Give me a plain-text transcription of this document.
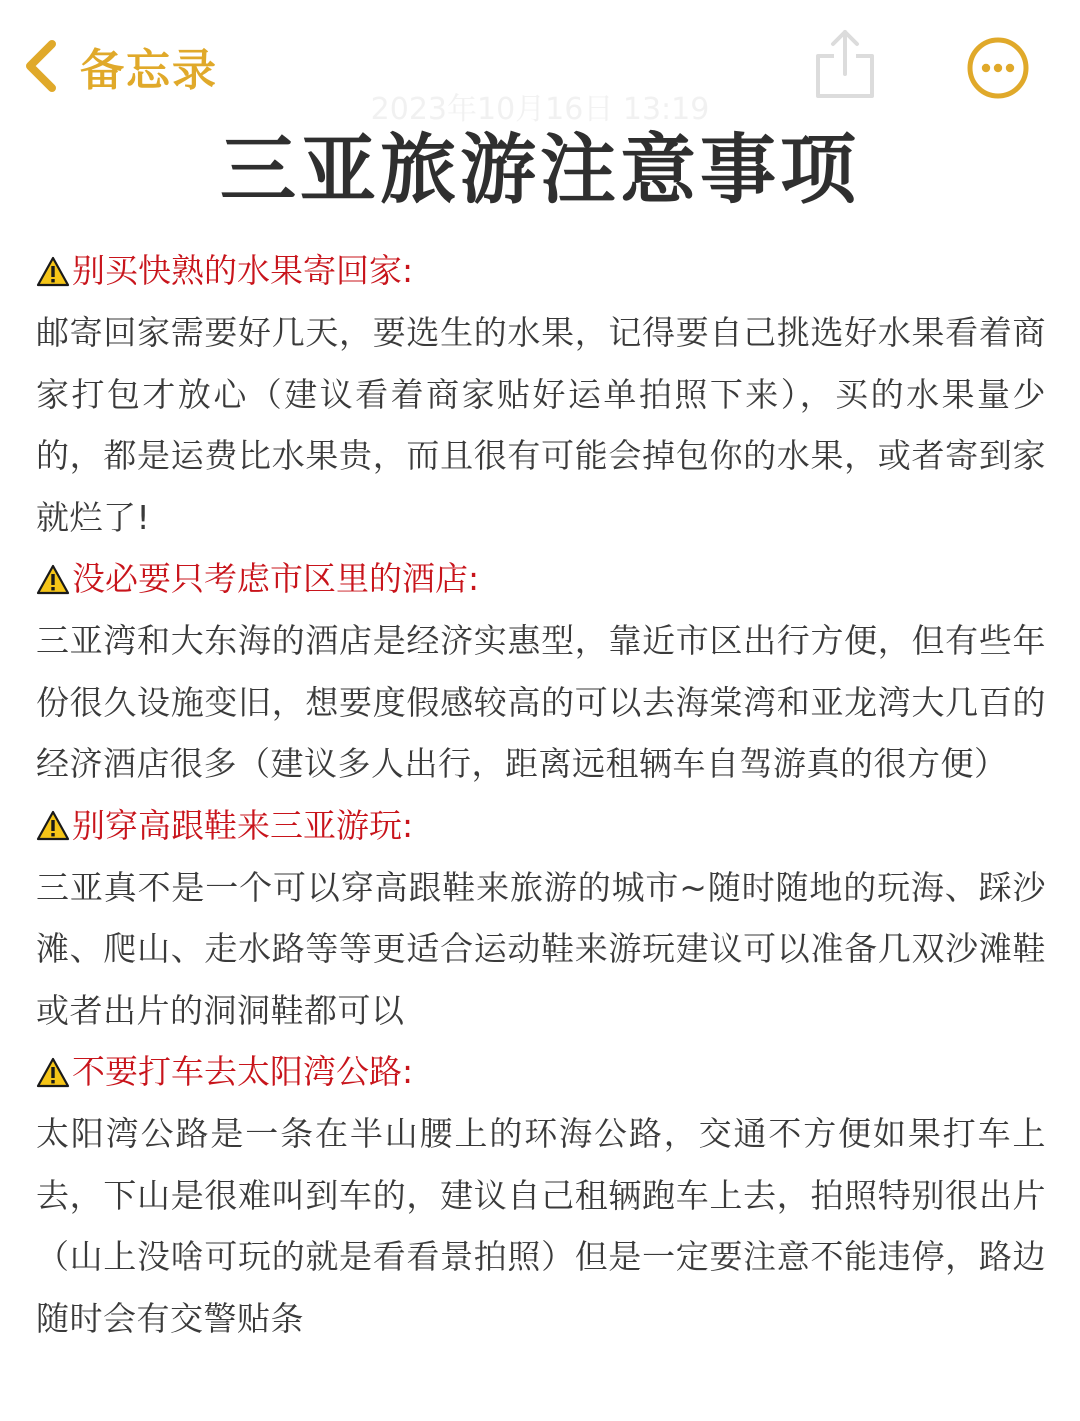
备忘录
2023年10月16日 13:19
三亚旅游注意事项
别买快熟的水果寄回家:
邮寄回家需要好几天，要选生的水果，记得要自己挑选好水果看着商家打包才放心（建议看着商家贴好运单拍照下来），买的水果量少的，都是运费比水果贵，而且很有可能会掉包你的水果，或者寄到家就烂了!
没必要只考虑市区里的酒店:
三亚湾和大东海的酒店是经济实惠型，靠近市区出行方便，但有些年份很久设施变旧，想要度假感较高的可以去海棠湾和亚龙湾大几百的经济酒店很多（建议多人出行，距离远租辆车自驾游真的很方便）
别穿高跟鞋来三亚游玩:
三亚真不是一个可以穿高跟鞋来旅游的城市~随时随地的玩海、踩沙滩、爬山、走水路等等更适合运动鞋来游玩建议可以准备几双沙滩鞋或者出片的洞洞鞋都可以
不要打车去太阳湾公路:
太阳湾公路是一条在半山腰上的环海公路，交通不方便如果打车上去，下山是很难叫到车的，建议自己租辆跑车上去，拍照特别很出片（山上没啥可玩的就是看看景拍照）但是一定要注意不能违停，路边随时会有交警贴条
